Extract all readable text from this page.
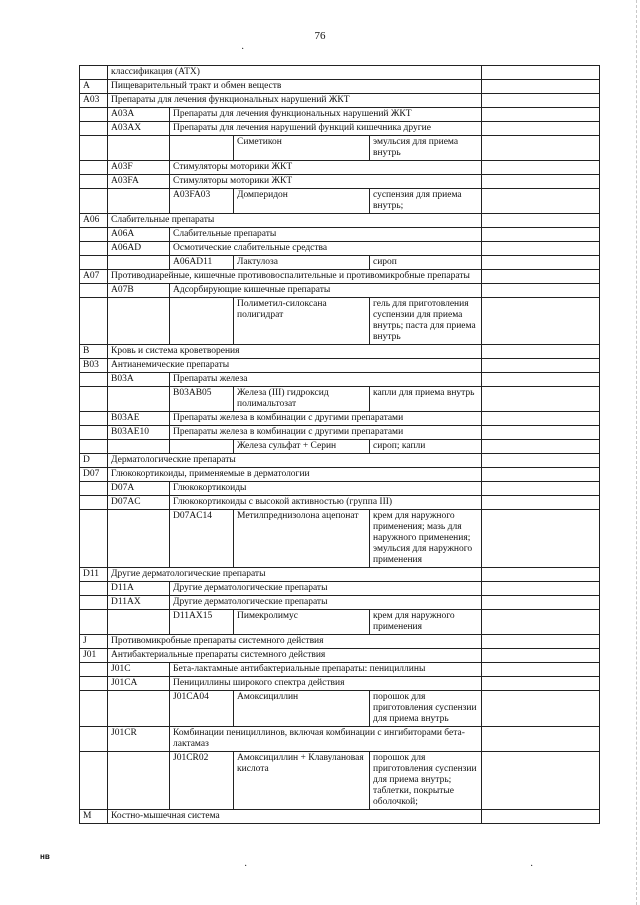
76
·
·	·
	классификация (АТХ)				
A	Пищеварительный тракт и обмен веществ				
A03	Препараты для лечения функциональных нарушений ЖКТ				
	A03A	Препараты для лечения функциональных нарушений ЖКТ			
	A03AX	Препараты для лечения нарушений функций кишечника другие			
			Симетикон	эмульсия для приема внутрь	
	A03F	Стимуляторы моторики ЖКТ			
	A03FA	Стимуляторы моторики ЖКТ			
		A03FA03	Домперидон	суспензия для приема внутрь;	
A06	Слабительные препараты				
	A06A	Слабительные препараты			
	A06AD	Осмотические слабительные средства			
		A06AD11	Лактулоза	сироп	
A07	Противодиарейные, кишечные противовоспалительные и противомикробные препараты				
	A07B	Адсорбирующие кишечные препараты			
			Полиметил-силоксана полигидрат	гель для приготовления суспензии для приема внутрь; паста для приема внутрь	
B	Кровь и система кроветворения				
B03	Антианемические препараты				
	B03A	Препараты железа			
		B03AB05	Железа (III) гидроксид полимальтозат	капли для приема внутрь	
	B03AE	Препараты железа в комбинации с другими препаратами			
	B03AE10	Препараты железа в комбинации с другими препаратами			
			Железа сульфат + Серин	сироп; капли	
D	Дерматологические препараты				
D07	Глюкокортикоиды, применяемые в дерматологии				
	D07A	Глюкокортикоиды			
	D07AC	Глюкокортикоиды с высокой активностью (группа III)			
		D07AC14	Метилпреднизолона ацепонат	крем для наружного применения; мазь для наружного применения; эмульсия для наружного применения	
D11	Другие дерматологические препараты				
	D11A	Другие дерматологические препараты			
	D11AX	Другие дерматологические препараты			
		D11AX15	Пимекролимус	крем для наружного применения	
J	Противомикробные препараты системного действия				
J01	Антибактериальные препараты системного действия				
	J01C	Бета-лактамные антибактериальные препараты: пенициллины			
	J01CA	Пенициллины широкого спектра действия			
		J01CA04	Амоксициллин	порошок для приготовления суспензии для приема внутрь	
	J01CR	Комбинации пенициллинов, включая комбинации с ингибиторами бета-лактамаз			
		J01CR02	Амоксициллин + Клавулановая кислота	порошок для приготовления суспензии для приема внутрь; таблетки, покрытые оболочкой;	
M	Костно-мышечная система				
нв
